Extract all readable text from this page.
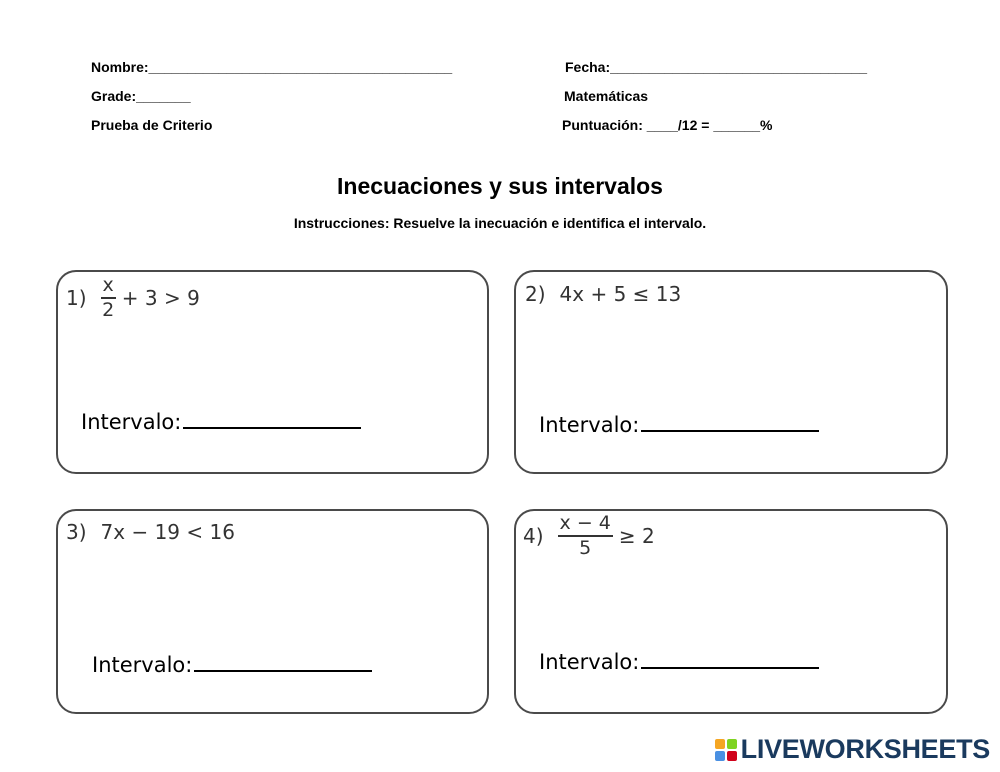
Nombre:_______________________________________	Fecha:_________________________________
Grade:_______	Matemáticas
Prueba de Criterio	Puntuación: ____/12 = ______%
Inecuaciones y sus intervalos
Instrucciones: Resuelve la inecuación e identifica el intervalo.
$1) \frac{x}{2} + 3 > 9$
Intervalo:
2) 4x + 5 ≤ 13
Intervalo:
3) 7x − 19 < 16
Intervalo:
$4) \frac{x - 4}{5} \ge 2$
Intervalo:
LIVEWORKSHEETS
